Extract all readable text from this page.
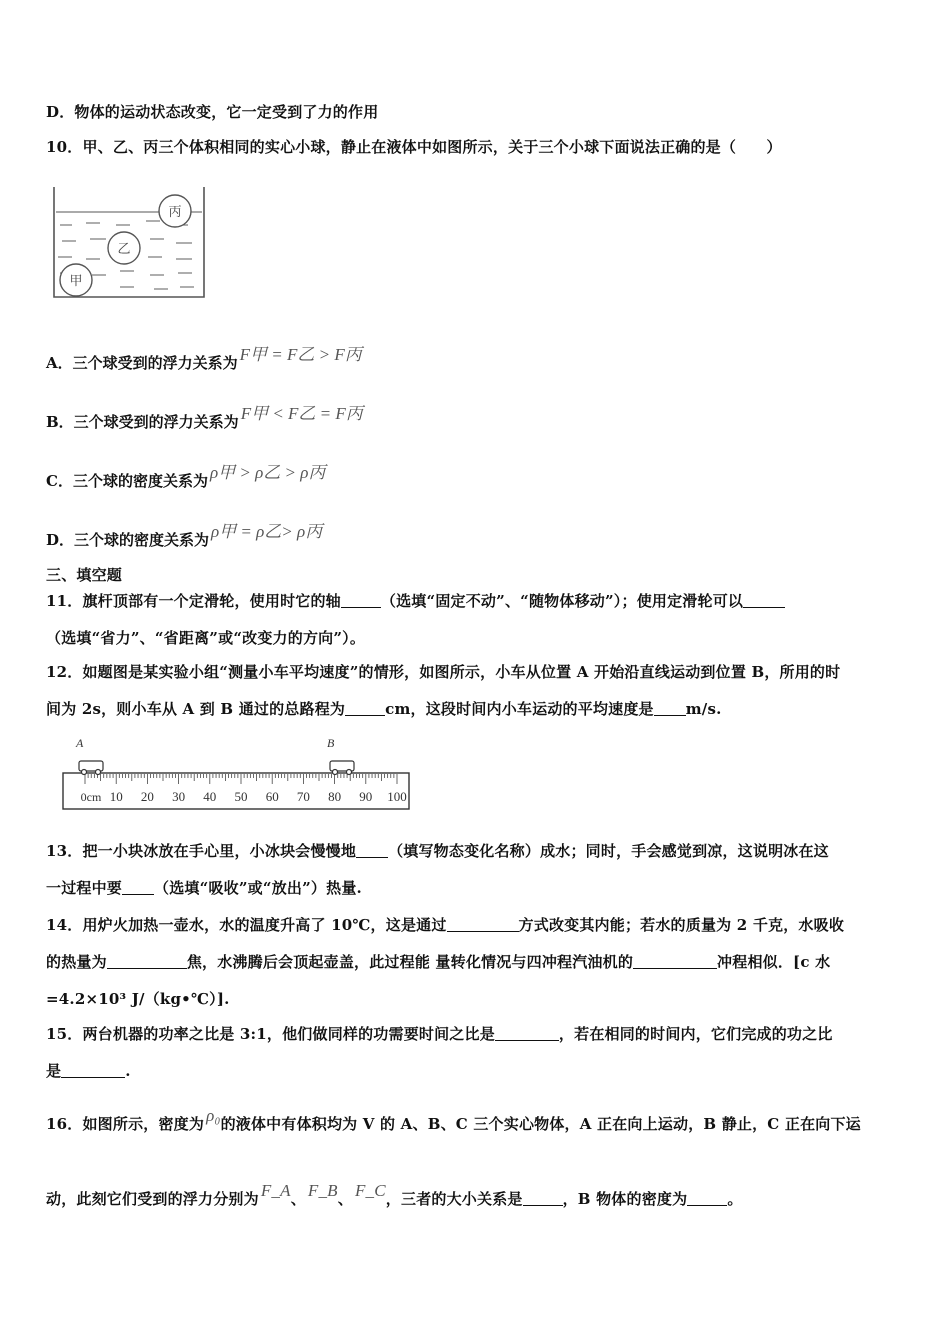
D．物体的运动状态改变，它一定受到了力的作用
10．甲、乙、丙三个体积相同的实心小球，静止在液体中如图所示，关于三个小球下面说法正确的是（　　）
丙
乙
甲
A．三个球受到的浮力关系为 F甲 = F乙 > F丙
B．三个球受到的浮力关系为 F甲 < F乙 = F丙
C．三个球的密度关系为 ρ甲 > ρ乙 > ρ丙
D．三个球的密度关系为 ρ甲 = ρ乙> ρ丙
三、填空题
11．旗杆顶部有一个定滑轮，使用时它的轴	（选填“固定不动”、“随物体移动”）；使用定滑轮可以
（选填“省力”、“省距离”或“改变力的方向”）。
12．如题图是某实验小组“测量小车平均速度”的情形，如图所示，小车从位置 A 开始沿直线运动到位置 B，所用的时
间为 2s，则小车从 A 到 B 通过的总路程为	cm，这段时间内小车运动的平均速度是 m/s.
0cm 10 20 30 40 50 60 70 80 90 100
A	B
13．把一小块冰放在手心里，小冰块会慢慢地 （填写物态变化名称）成水；同时，手会感觉到凉，这说明冰在这
一过程中要 （选填“吸收”或“放出”）热量.
14．用炉火加热一壶水，水的温度升高了 10℃，这是通过	方式改变其内能；若水的质量为 2 千克，水吸收
的热量为	焦，水沸腾后会顶起壶盖，此过程能 量转化情况与四冲程汽油机的	冲程相似．[c 水
=4.2×10³ J/（kg•℃）].
15．两台机器的功率之比是 3:1，他们做同样的功需要时间之比是	，若在相同的时间内，它们完成的功之比
是	.
16．如图所示，密度为 ρ₀的液体中有体积均为 V 的 A、B、C 三个实心物体，A 正在向上运动，B 静止，C 正在向下运
动，此刻它们受到的浮力分别为 F_A、 F_B、 F_C，三者的大小关系是	，B 物体的密度为	。
